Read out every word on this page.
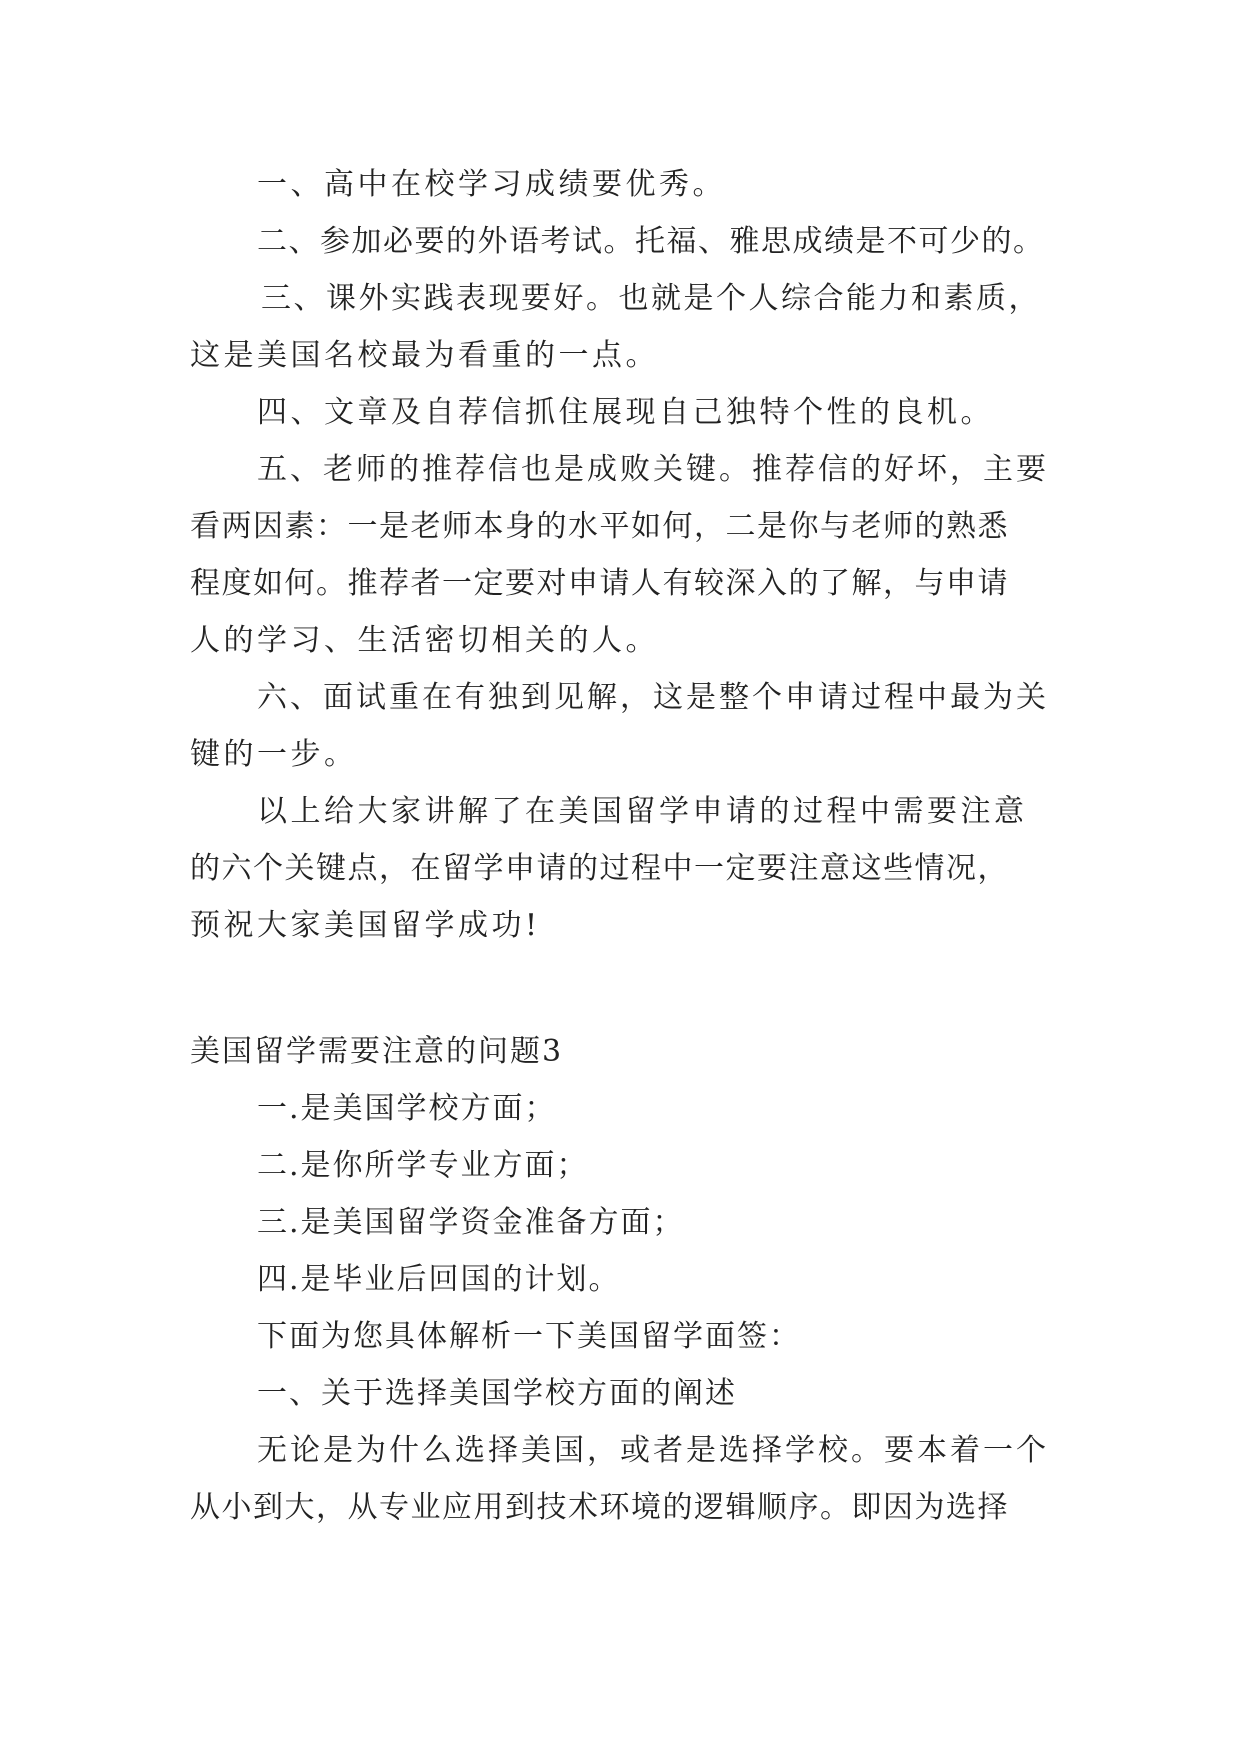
一、高中在校学习成绩要优秀。
二、参加必要的外语考试。托福、雅思成绩是不可少的。
三、课外实践表现要好。也就是个人综合能力和素质，
这是美国名校最为看重的一点。
四、文章及自荐信抓住展现自己独特个性的良机。
五、老师的推荐信也是成败关键。推荐信的好坏，主要
看两因素：一是老师本身的水平如何，二是你与老师的熟悉
程度如何。推荐者一定要对申请人有较深入的了解，与申请
人的学习、生活密切相关的人。
六、面试重在有独到见解，这是整个申请过程中最为关
键的一步。
以上给大家讲解了在美国留学申请的过程中需要注意
的六个关键点，在留学申请的过程中一定要注意这些情况，
预祝大家美国留学成功!
美国留学需要注意的问题3
一.是美国学校方面；
二.是你所学专业方面；
三.是美国留学资金准备方面；
四.是毕业后回国的计划。
下面为您具体解析一下美国留学面签：
一、关于选择美国学校方面的阐述
无论是为什么选择美国，或者是选择学校。要本着一个
从小到大，从专业应用到技术环境的逻辑顺序。即因为选择
